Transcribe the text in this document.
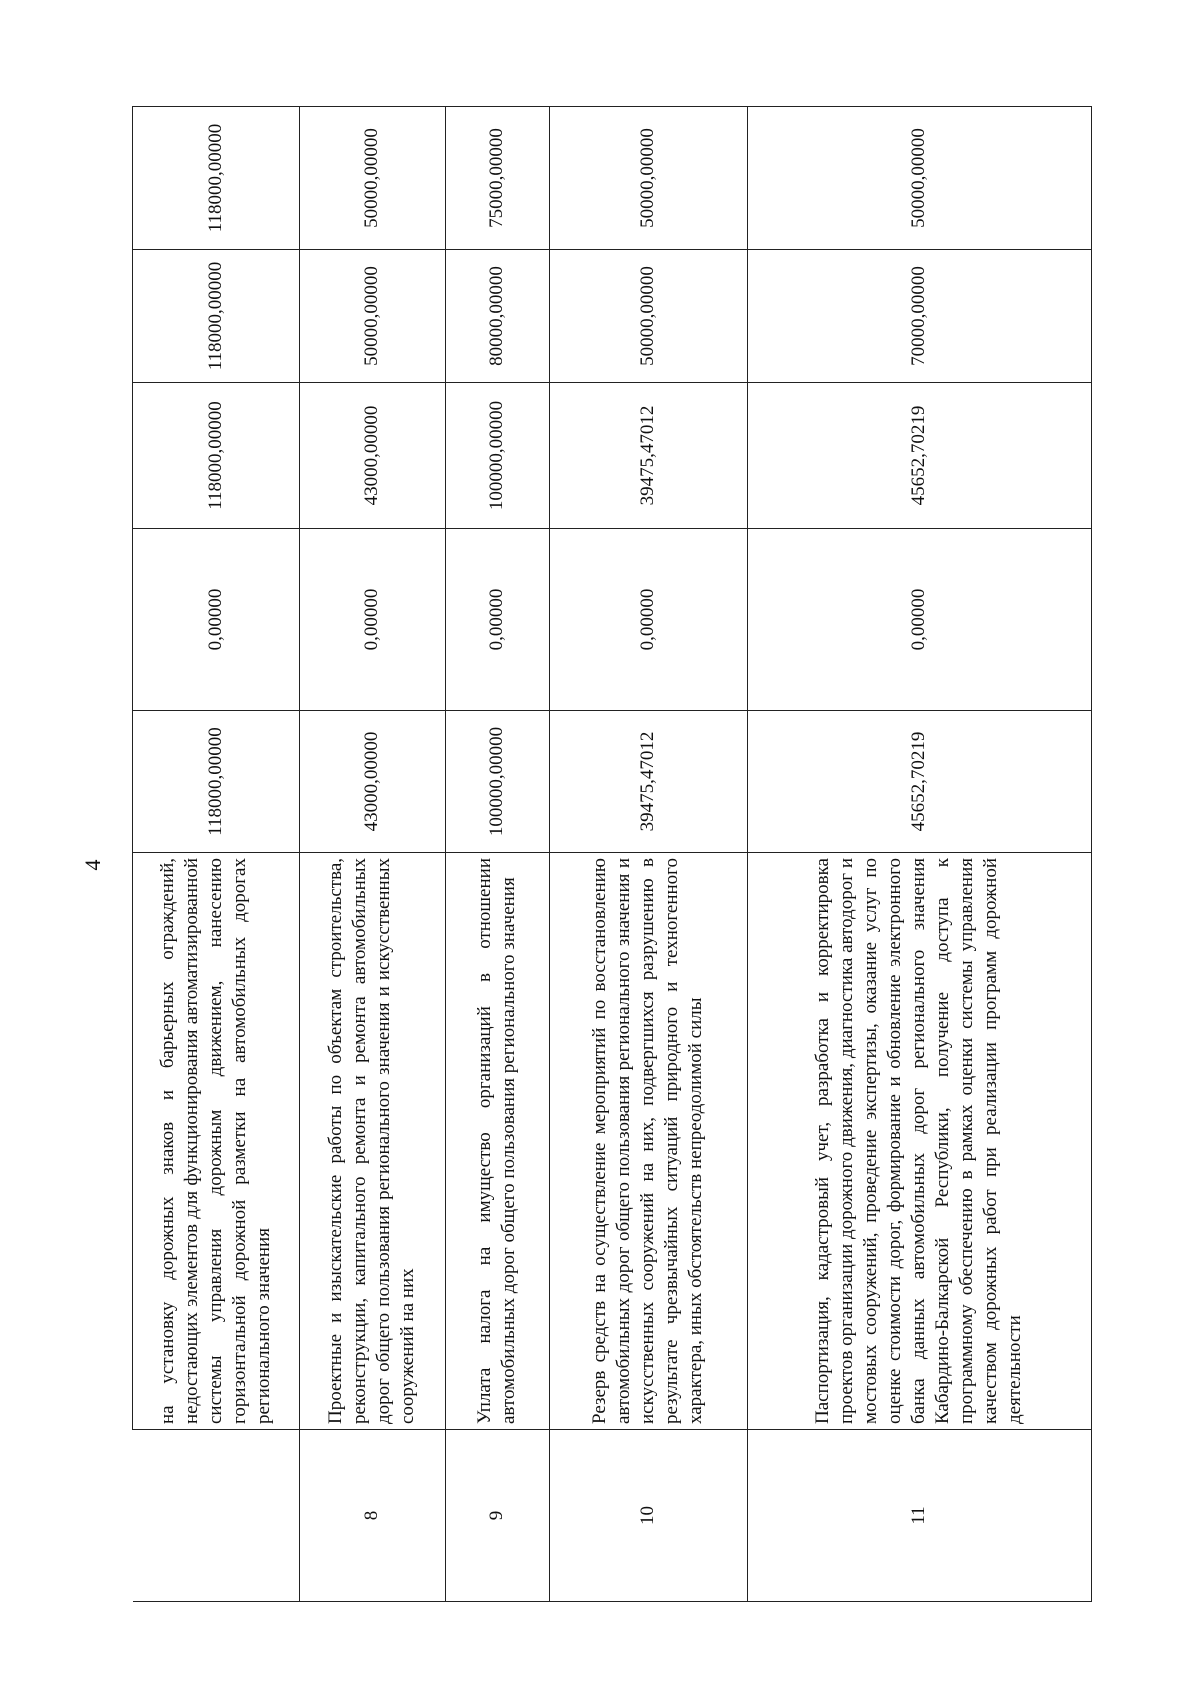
4
		на установку дорожных знаков и барьерных ограждений, недостающих элементов для функционирования автоматизированной системы управления дорожным движением, нанесению горизонтальной дорожной разметки на автомобильных дорогах регионального значения	118000,00000	0,00000	118000,00000	118000,00000	118000,00000
8	Проектные и изыскательские работы по объектам строительства, реконструкции, капитального ремонта и ремонта автомобильных дорог общего пользования регионального значения и искусственных сооружений на них	43000,00000	0,00000	43000,00000	50000,00000	50000,00000
9	Уплата налога на имущество организаций в отношении автомобильных дорог общего пользования регионального значения	100000,00000	0,00000	100000,00000	80000,00000	75000,00000
10	Резерв средств на осуществление мероприятий по восстановлению автомобильных дорог общего пользования регионального значения и искусственных сооружений на них, подвергшихся разрушению в результате чрезвычайных ситуаций природного и техногенного характера, иных обстоятельств непреодолимой силы	39475,47012	0,00000	39475,47012	50000,00000	50000,00000
11	Паспортизация, кадастровый учет, разработка и корректировка проектов организации дорожного движения, диагностика автодорог и мостовых сооружений, проведение экспертизы, оказание услуг по оценке стоимости дорог, формирование и обновление электронного банка данных автомобильных дорог регионального значения Кабардино-Балкарской Республики, получение доступа к программному обеспечению в рамках оценки системы управления качеством дорожных работ при реализации программ дорожной деятельности	45652,70219	0,00000	45652,70219	70000,00000	50000,00000
